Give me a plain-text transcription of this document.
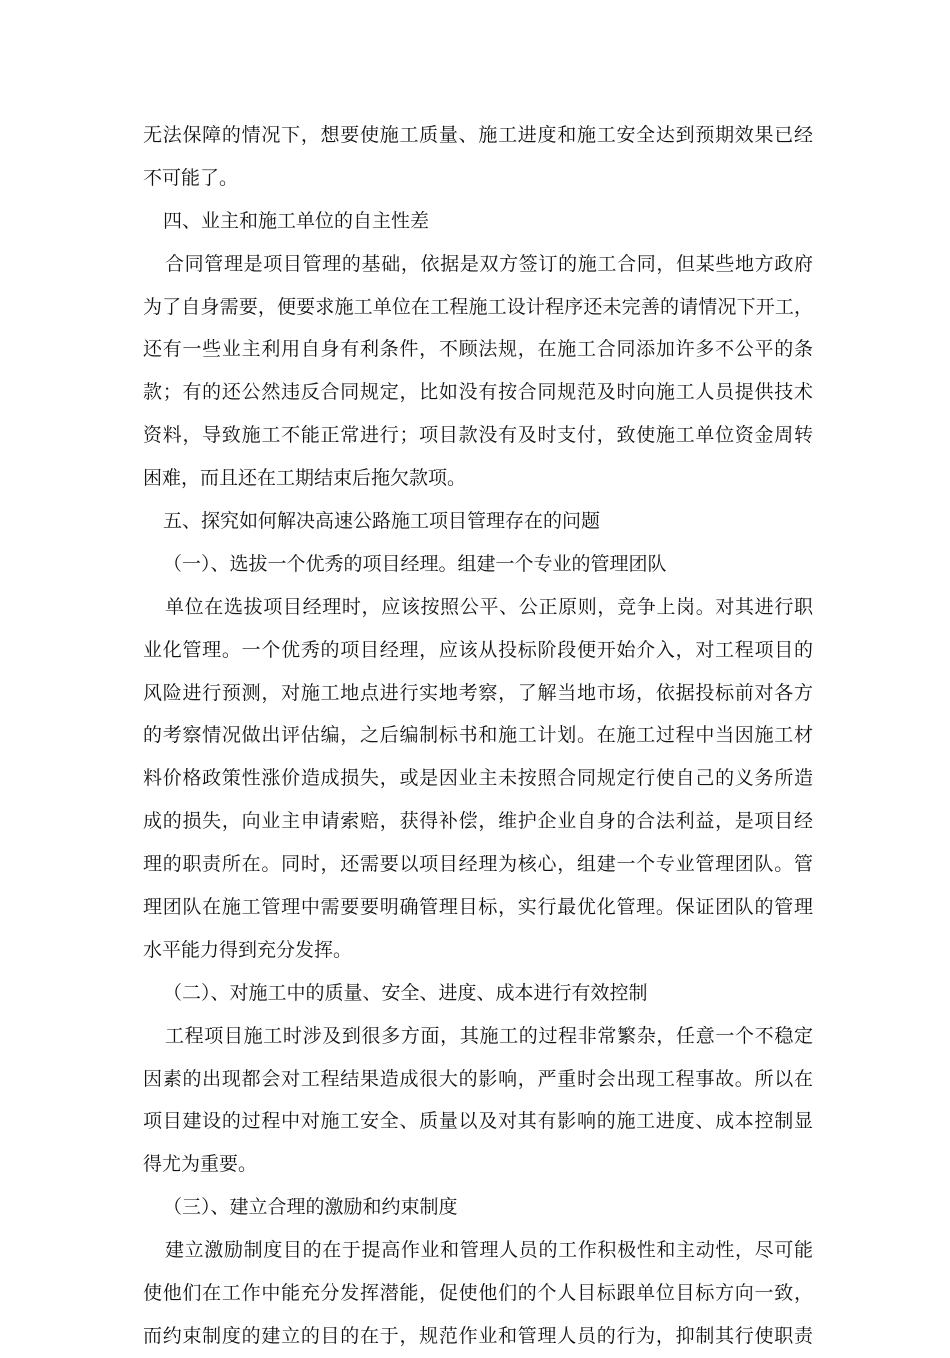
无法保障的情况下，想要使施工质量、施工进度和施工安全达到预期效果已经
不可能了。
四、业主和施工单位的自主性差
合同管理是项目管理的基础，依据是双方签订的施工合同，但某些地方政府
为了自身需要，便要求施工单位在工程施工设计程序还未完善的请情况下开工，
还有一些业主利用自身有利条件，不顾法规，在施工合同添加许多不公平的条
款；有的还公然违反合同规定，比如没有按合同规范及时向施工人员提供技术
资料，导致施工不能正常进行；项目款没有及时支付，致使施工单位资金周转
困难，而且还在工期结束后拖欠款项。
五、探究如何解决高速公路施工项目管理存在的问题
（一）、选拔一个优秀的项目经理。组建一个专业的管理团队
单位在选拔项目经理时，应该按照公平、公正原则，竞争上岗。对其进行职
业化管理。一个优秀的项目经理，应该从投标阶段便开始介入，对工程项目的
风险进行预测，对施工地点进行实地考察，了解当地市场，依据投标前对各方
的考察情况做出评估编，之后编制标书和施工计划。在施工过程中当因施工材
料价格政策性涨价造成损失，或是因业主未按照合同规定行使自己的义务所造
成的损失，向业主申请索赔，获得补偿，维护企业自身的合法利益，是项目经
理的职责所在。同时，还需要以项目经理为核心，组建一个专业管理团队。管
理团队在施工管理中需要要明确管理目标，实行最优化管理。保证团队的管理
水平能力得到充分发挥。
（二）、对施工中的质量、安全、进度、成本进行有效控制
工程项目施工时涉及到很多方面，其施工的过程非常繁杂，任意一个不稳定
因素的出现都会对工程结果造成很大的影响，严重时会出现工程事故。所以在
项目建设的过程中对施工安全、质量以及对其有影响的施工进度、成本控制显
得尤为重要。
（三）、建立合理的激励和约束制度
建立激励制度目的在于提高作业和管理人员的工作积极性和主动性，尽可能
使他们在工作中能充分发挥潜能，促使他们的个人目标跟单位目标方向一致，
而约束制度的建立的目的在于，规范作业和管理人员的行为，抑制其行使职责
